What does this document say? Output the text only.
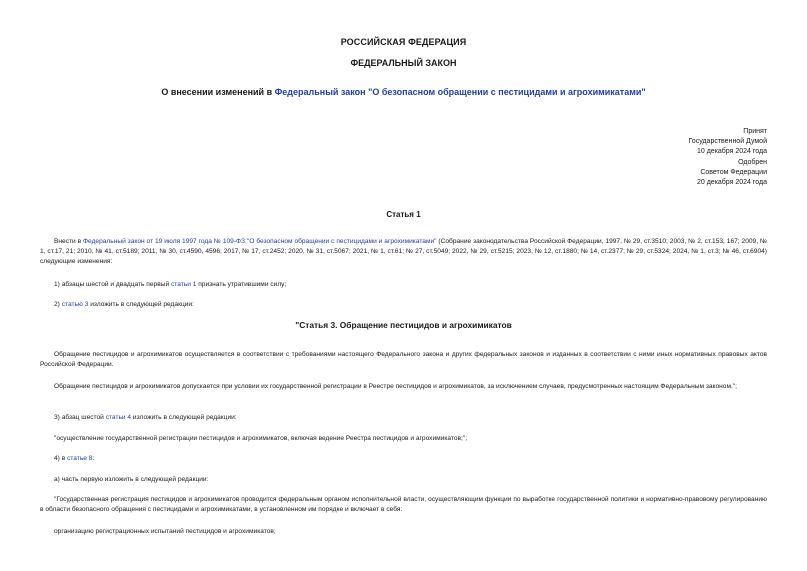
РОССИЙСКАЯ ФЕДЕРАЦИЯ
ФЕДЕРАЛЬНЫЙ ЗАКОН
О внесении изменений в Федеральный закон "О безопасном обращении с пестицидами и агрохимикатами"
Принят
Государственной Думой
10 декабря 2024 года
Одобрен
Советом Федерации
20 декабря 2024 года
Статья 1
Внести в Федеральный закон от 19 июля 1997 года № 109-ФЗ "О безопасном обращении с пестицидами и агрохимикатами" (Собрание законодательства Российской Федерации, 1997, № 29, ст.3510; 2003, № 2, ст.153, 167; 2009, № 1, ст.17, 21; 2010, № 41, ст.5189; 2011, № 30, ст.4590, 4596; 2017, № 17, ст.2452; 2020, № 31, ст.5067; 2021, № 1, ст.61; № 27, ст.5049; 2022, № 29, ст.5215; 2023, № 12, ст.1880; № 14, ст.2377; № 29, ст.5324; 2024, № 1, ст.3; № 46, ст.6904) следующие изменения:
1) абзацы шестой и двадцать первый статьи 1 признать утратившими силу;
2) статью 3 изложить в следующей редакции:
"Статья 3. Обращение пестицидов и агрохимикатов
Обращение пестицидов и агрохимикатов осуществляется в соответствии с требованиями настоящего Федерального закона и других федеральных законов и изданных в соответствии с ними иных нормативных правовых актов Российской Федерации.
Обращение пестицидов и агрохимикатов допускается при условии их государственной регистрации в Реестре пестицидов и агрохимикатов, за исключением случаев, предусмотренных настоящим Федеральным законом.";
3) абзац шестой статьи 4 изложить в следующей редакции:
"осуществление государственной регистрации пестицидов и агрохимикатов, включая ведение Реестра пестицидов и агрохимикатов;";
4) в статье 8:
а) часть первую изложить в следующей редакции:
"Государственная регистрация пестицидов и агрохимикатов проводится федеральным органом исполнительной власти, осуществляющим функции по выработке государственной политики и нормативно-правовому регулированию в области безопасного обращения с пестицидами и агрохимикатами, в установленном им порядке и включает в себя:
организацию регистрационных испытаний пестицидов и агрохимикатов;
